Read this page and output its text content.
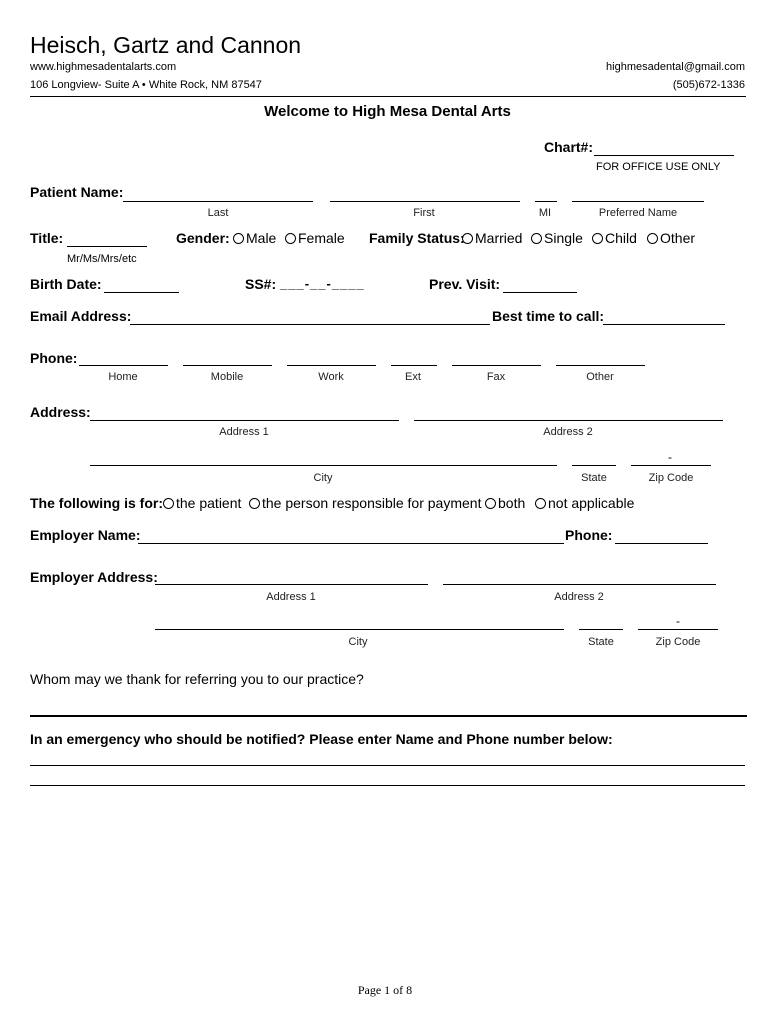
Heisch, Gartz and Cannon
www.highmesadentalarts.com
106 Longview- Suite A • White Rock, NM 87547
highmesadental@gmail.com
(505)672-1336
Welcome to High Mesa Dental Arts
Chart#:
FOR OFFICE USE ONLY
Patient Name:
Last	First	MI	Preferred Name
Title:
Mr/Ms/Mrs/etc
Gender: Male Female Family Status: Married Single Child Other
Birth Date:	SS#: ___-__-____	Prev. Visit:
Email Address:	Best time to call:
Phone:
Home	Mobile	Work	Ext	Fax	Other
Address:
Address 1	Address 2
-
City	State	Zip Code
The following is for: the patient the person responsible for payment both not applicable
Employer Name:	Phone:
Employer Address:
Address 1	Address 2
-
City	State	Zip Code
Whom may we thank for referring you to our practice?
In an emergency who should be notified? Please enter Name and Phone number below:
Page 1 of 8
